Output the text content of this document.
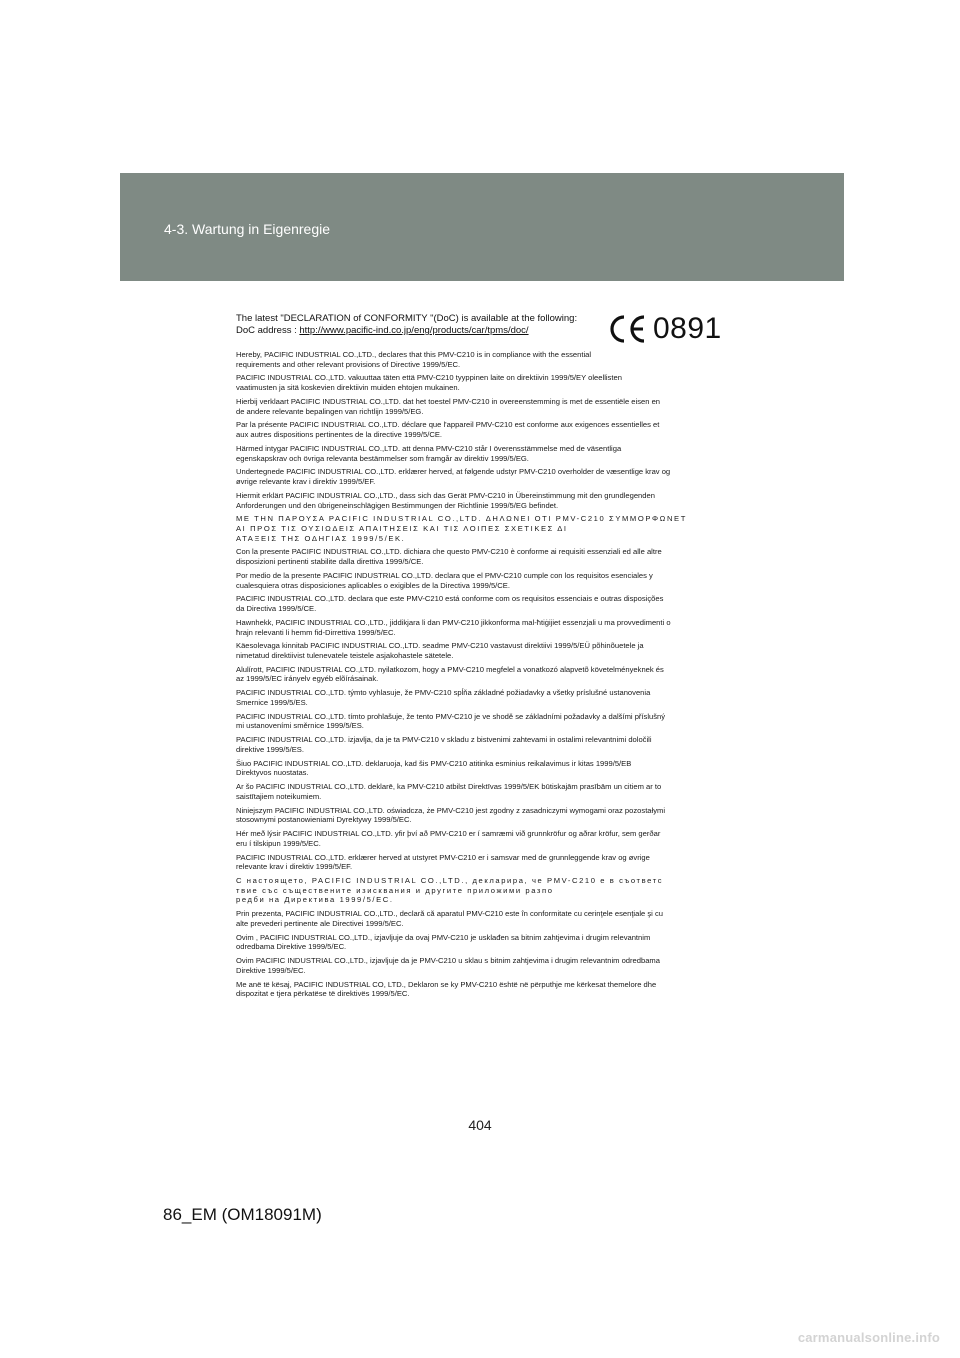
4-3. Wartung in Eigenregie
The latest "DECLARATION of CONFORMITY "(DoC) is available at the following:
DoC address : http://www.pacific-ind.co.jp/eng/products/car/tpms/doc/	0891

Hereby, PACIFIC INDUSTRIAL CO.,LTD., declares that this PMV-C210 is in compliance with the essential
requirements and other relevant provisions of Directive 1999/5/EC.

PACIFIC INDUSTRIAL CO.,LTD. vakuuttaa täten että PMV-C210 tyyppinen laite on direktiivin 1999/5/EY oleellisten
vaatimusten ja sitä koskevien direktiivin muiden ehtojen mukainen.

Hierbij verklaart PACIFIC INDUSTRIAL CO.,LTD. dat het toestel PMV-C210 in overeenstemming is met de essentiële eisen en
de andere relevante bepalingen van richtlijn 1999/5/EG.

Par la présente PACIFIC INDUSTRIAL CO.,LTD. déclare que l'appareil PMV-C210 est conforme aux exigences essentielles et
aux autres dispositions pertinentes de la directive 1999/5/CE.

Härmed intygar PACIFIC INDUSTRIAL CO.,LTD. att denna PMV-C210 står I överensstämmelse med de väsentliga
egenskapskrav och övriga relevanta bestämmelser som framgår av direktiv 1999/5/EG.

Undertegnede PACIFIC INDUSTRIAL CO.,LTD. erklærer herved, at følgende udstyr PMV-C210 overholder de væsentlige krav og
øvrige relevante krav i direktiv 1999/5/EF.

Hiermit erklärt PACIFIC INDUSTRIAL CO.,LTD., dass sich das Gerät PMV-C210 in Übereinstimmung mit den grundlegenden
Anforderungen und den übrigeneinschlägigen Bestimmungen der Richtlinie 1999/5/EG befindet.

ΜΕ ΤΗΝ ΠΑΡΟΥΣΑ PACIFIC INDUSTRIAL CO.,LTD. ΔΗΛΩΝΕΙ ΟΤΙ PMV-C210 ΣΥΜΜΟΡΦΩΝΕΤ
ΑΙ ΠΡΟΣ ΤΙΣ ΟΥΣΙΩΔΕΙΣ ΑΠΑΙΤΗΣΕΙΣ ΚΑΙ ΤΙΣ ΛΟΙΠΕΣ ΣΧΕΤΙΚΕΣ ΔΙ
ΑΤΑΞΕΙΣ ΤΗΣ ΟΔΗΓΙΑΣ 1999/5/ΕΚ.

Con la presente PACIFIC INDUSTRIAL CO.,LTD. dichiara che questo PMV-C210 è conforme ai requisiti essenziali ed alle altre
disposizioni pertinenti stabilite dalla direttiva 1999/5/CE.

Por medio de la presente PACIFIC INDUSTRIAL CO.,LTD. declara que el PMV-C210 cumple con los requisitos esenciales y
cualesquiera otras disposiciones aplicables o exigibles de la Directiva 1999/5/CE.

PACIFIC INDUSTRIAL CO.,LTD. declara que este PMV-C210 está conforme com os requisitos essenciais e outras disposições
da Directiva 1999/5/CE.

Hawnhekk, PACIFIC INDUSTRIAL CO.,LTD., jiddikjara li dan PMV-C210 jikkonforma mal-ħtiġijiet essenzjali u ma provvedimenti o
ħrajn relevanti li hemm fid-Dirrettiva 1999/5/EC.

Käesolevaga kinnitab PACIFIC INDUSTRIAL CO.,LTD. seadme PMV-C210 vastavust direktiivi 1999/5/EÜ põhinõuetele ja
nimetatud direktiivist tulenevatele teistele asjakohastele sätetele.

Alulírott, PACIFIC INDUSTRIAL CO.,LTD. nyilatkozom, hogy a PMV-C210 megfelel a vonatkozó alapvetõ követelményeknek és
az 1999/5/EC irányelv egyéb elõírásainak.

PACIFIC INDUSTRIAL CO.,LTD. týmto vyhlasuje, že PMV-C210 spĺňa základné požiadavky a všetky príslušné ustanovenia
Smernice 1999/5/ES.

PACIFIC INDUSTRIAL CO.,LTD. tímto prohlašuje, že tento PMV-C210 je ve shodě se základními požadavky a dalšími příslušný
mi ustanoveními směrnice 1999/5/ES.

PACIFIC INDUSTRIAL CO.,LTD. izjavlja, da je ta PMV-C210 v skladu z bistvenimi zahtevami in ostalimi relevantnimi določili
direktive 1999/5/ES.

Šiuo PACIFIC INDUSTRIAL CO.,LTD. deklaruoja, kad šis PMV-C210 atitinka esminius reikalavimus ir kitas 1999/5/EB
Direktyvos nuostatas.

Ar šo PACIFIC INDUSTRIAL CO.,LTD. deklarē, ka PMV-C210 atbilst Direktīvas 1999/5/EK būtiskajām prasībām un citiem ar to
saistītajiem noteikumiem.

Niniejszym PACIFIC INDUSTRIAL CO.,LTD. oświadcza, że PMV-C210 jest zgodny z zasadniczymi wymogami oraz pozostałymi
stosownymi postanowieniami Dyrektywy 1999/5/EC.

Hér með lýsir PACIFIC INDUSTRIAL CO.,LTD. yfir því að PMV-C210 er í samræmi við grunnkröfur og aðrar kröfur, sem gerðar
eru í tilskipun 1999/5/EC.

PACIFIC INDUSTRIAL CO.,LTD. erklærer herved at utstyret PMV-C210 er i samsvar med de grunnleggende krav og øvrige
relevante krav i direktiv 1999/5/EF.

С настоящето, PACIFIC INDUSTRIAL CO.,LTD., декларира, че PMV-C210 е в съответс
твие със съществените изисквания и другите приложими разпо
редби на Директива 1999/5/ЕС.

Prin prezenta, PACIFIC INDUSTRIAL CO.,LTD., declară că aparatul PMV-C210 este în conformitate cu cerinţele esenţiale şi cu
alte prevederi pertinente ale Directivei 1999/5/EC.

Ovim , PACIFIC INDUSTRIAL CO.,LTD., izjavljuje da ovaj PMV-C210 je usklađen sa bitnim zahtjevima i drugim relevantnim
odredbama Direktive 1999/5/EC.

Ovim PACIFIC INDUSTRIAL CO.,LTD., izjavljuje da je PMV-C210 u sklau s bitnim zahtjevima i drugim relevantnim odredbama
Direktive 1999/5/EC.

Me anë të kësaj, PACIFIC INDUSTRIAL CO, LTD., Deklaron se ky PMV-C210 është në përputhje me kërkesat themelore dhe
dispozitat e tjera përkatëse të direktivës 1999/5/EC.

404
86_EM (OM18091M)
carmanualsonline.info
